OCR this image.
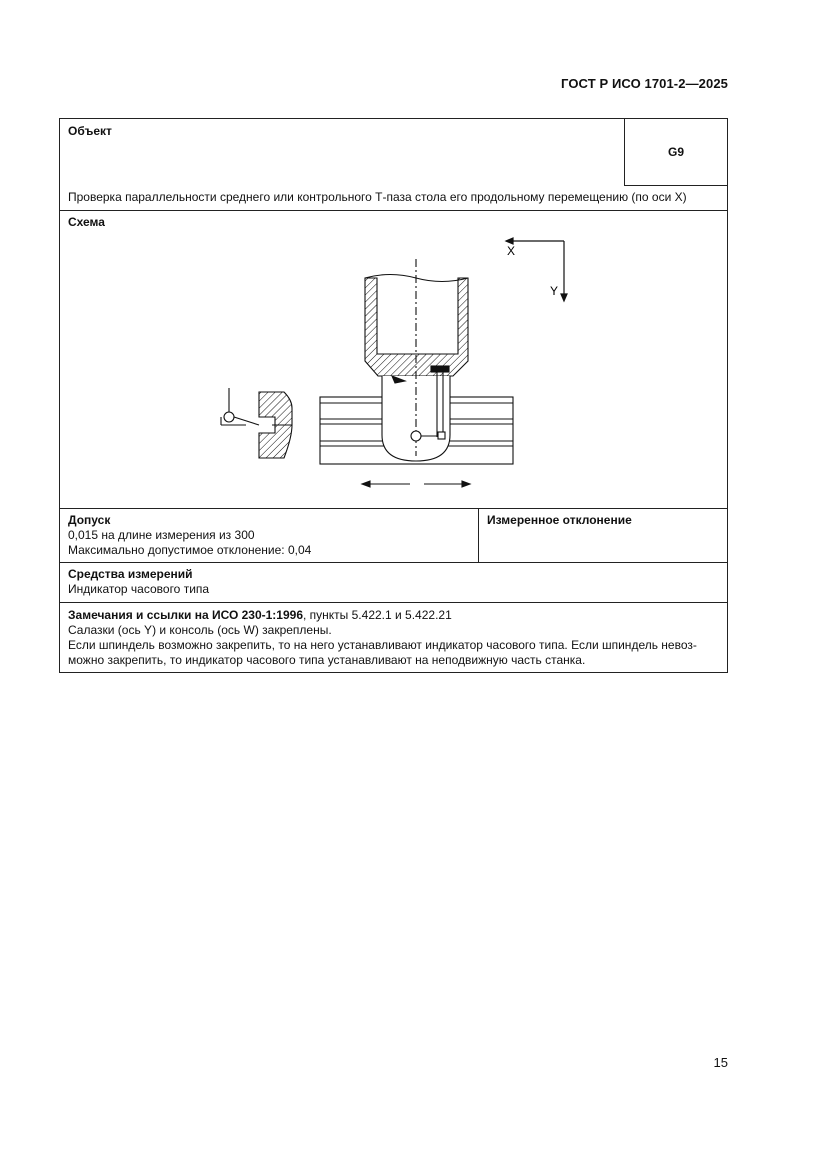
ГОСТ Р ИСО 1701-2—2025
Объект
G9
Проверка параллельности среднего или контрольного Т-паза стола его продольному перемещению (по оси X)
Схема
X
Y
Допуск
0,015 на длине измерения из 300
Максимально допустимое отклонение: 0,04
Измеренное отклонение
Средства измерений
Индикатор часового типа
Замечания и ссылки на ИСО 230-1:1996, пункты 5.422.1 и 5.422.21
Салазки (ось Y) и консоль (ось W) закреплены.
Если шпиндель возможно закрепить, то на него устанавливают индикатор часового типа. Если шпиндель невоз-
можно закрепить, то индикатор часового типа устанавливают на неподвижную часть станка.
15
